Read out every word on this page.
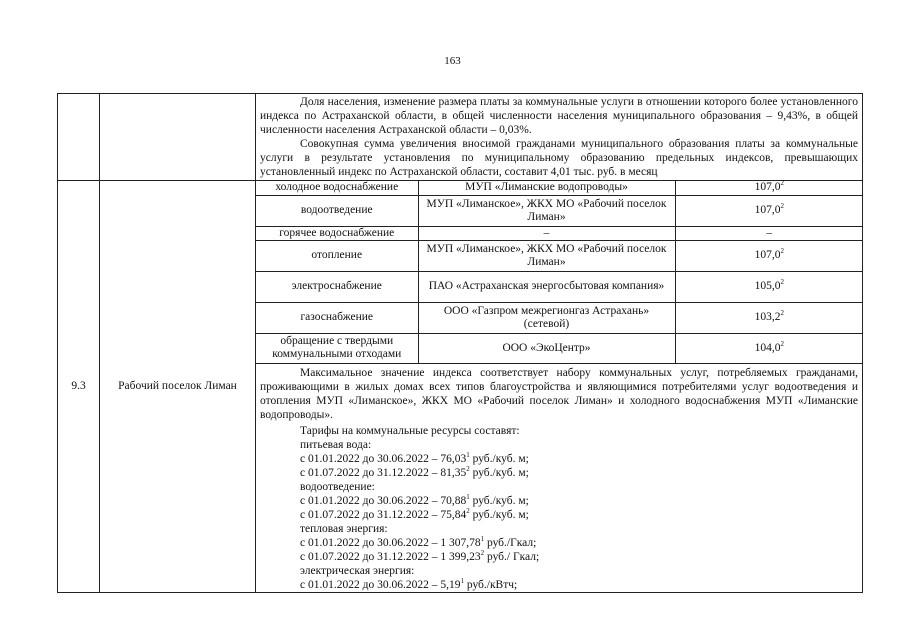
163

Доля населения, изменение размера платы за коммунальные услуги в отношении которого более установленного индекса по Астраханской области, в общей численности населения муниципального образования – 9,43%, в общей численности населения Астраханской области – 0,03%.

Совокупная сумма увеличения вносимой гражданами муниципального образования платы за коммунальные услуги в результате установления по муниципальному образованию предельных индексов, превышающих установленный индекс по Астраханской области, составит 4,01 тыс. руб. в месяц

9.3	Рабочий поселок Лиман	
холодное водоснабжение	МУП «Лиманские водопроводы»	107,0$^2$
водоотведение	МУП «Лиманское», ЖКХ МО «Рабочий поселок Лиман»	107,0$^2$
горячее водоснабжение	–	–
отопление	МУП «Лиманское», ЖКХ МО «Рабочий поселок Лиман»	107,0$^2$
электроснабжение	ПАО «Астраханская энергосбытовая компания»	105,0$^2$
газоснабжение	ООО «Газпром межрегионгаз Астрахань» (сетевой)	103,2$^2$
обращение с твердыми коммунальными отходами	ООО «ЭкоЦентр»	104,0$^2$

Максимальное значение индекса соответствует набору коммунальных услуг, потребляемых гражданами, проживающими в жилых домах всех типов благоустройства и являющимися потребителями услуг водоотведения и отопления МУП «Лиманское», ЖКХ МО «Рабочий поселок Лиман» и холодного водоснабжения МУП «Лиманские водопроводы».

Тарифы на коммунальные ресурсы составят:
питьевая вода:
с 01.01.2022 до 30.06.2022 – 76,03$^1$ руб./куб. м;
с 01.07.2022 до 31.12.2022 – 81,35$^2$ руб./куб. м;
водоотведение:
с 01.01.2022 до 30.06.2022 – 70,88$^1$ руб./куб. м;
с 01.07.2022 до 31.12.2022 – 75,84$^2$ руб./куб. м;
тепловая энергия:
с 01.01.2022 до 30.06.2022 – 1 307,78$^1$ руб./Гкал;
с 01.07.2022 до 31.12.2022 – 1 399,23$^2$ руб./ Гкал;
электрическая энергия:
с 01.01.2022 до 30.06.2022 – 5,19$^1$ руб./кВтч;
